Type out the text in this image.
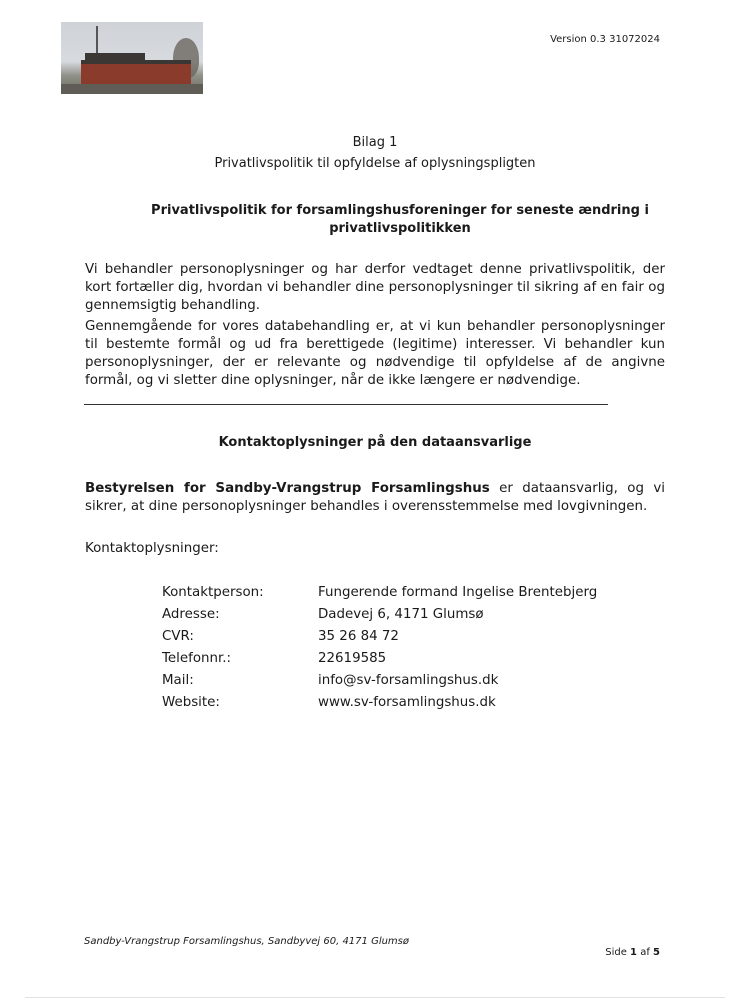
Version 0.3 31072024
Bilag 1
Privatlivspolitik til opfyldelse af oplysningspligten
Privatlivspolitik for forsamlingshusforeninger for seneste ændring i privatlivspolitikken
Vi behandler personoplysninger og har derfor vedtaget denne privatlivspolitik, der kort fortæller dig, hvordan vi behandler dine personoplysninger til sikring af en fair og gennemsigtig behandling.
Gennemgående for vores databehandling er, at vi kun behandler personoplysninger til bestemte formål og ud fra berettigede (legitime) interesser. Vi behandler kun personoplysninger, der er relevante og nødvendige til opfyldelse af de angivne formål, og vi sletter dine oplysninger, når de ikke længere er nødvendige.
Kontaktoplysninger på den dataansvarlige
Bestyrelsen for Sandby-Vrangstrup Forsamlingshus er dataansvarlig, og vi sikrer, at dine personoplysninger behandles i overensstemmelse med lovgivningen.
Kontaktoplysninger:
Kontaktperson:	Fungerende formand Ingelise Brentebjerg
Adresse:	Dadevej 6, 4171 Glumsø
CVR:	35 26 84 72
Telefonnr.:	22619585
Mail:	info@sv-forsamlingshus.dk
Website:	www.sv-forsamlingshus.dk
Sandby-Vrangstrup Forsamlingshus, Sandbyvej 60, 4171 Glumsø
Side 1 af 5
